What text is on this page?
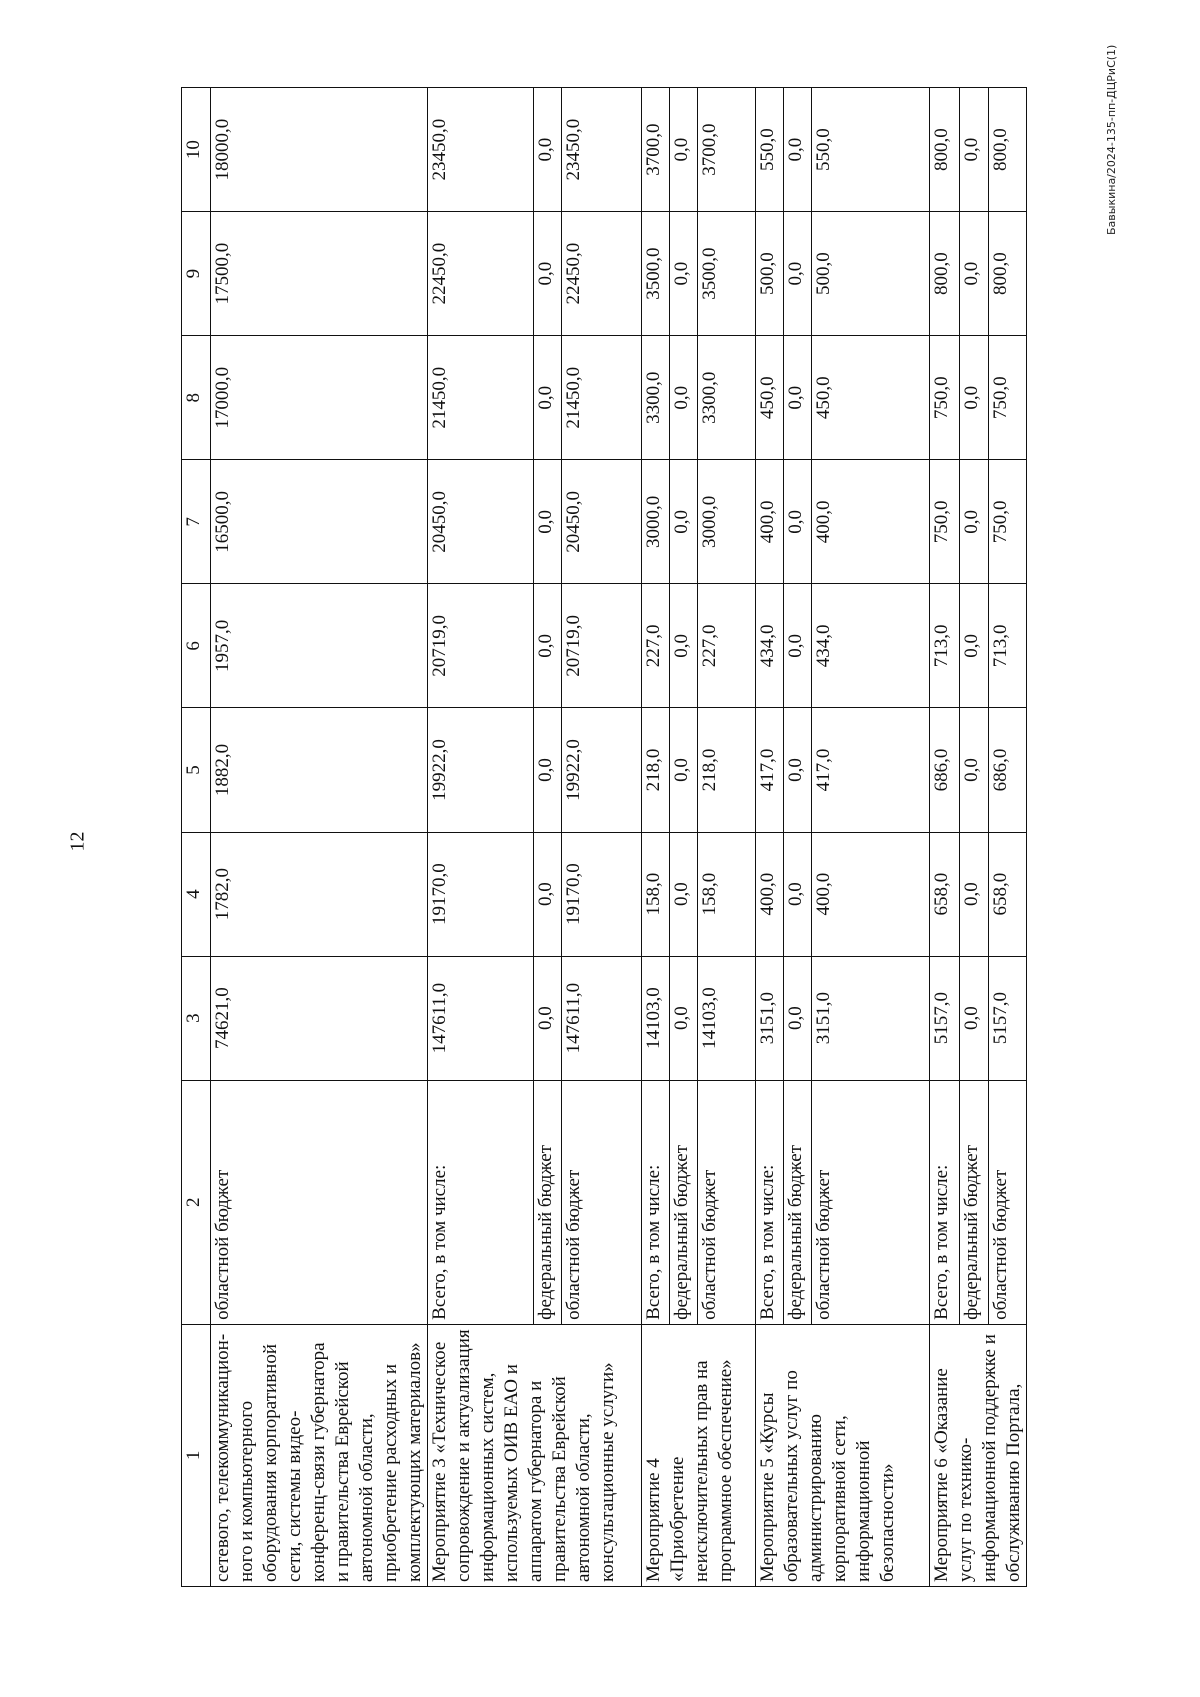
12
1	2	3	4	5	6	7	8	9	10
сетевого, телекоммуникацион-ного и компьютерного оборудования корпоративной сети, системы видео-конференц-связи губернатора и правительства Еврейской автономной области, приобретение расходных и комплектующих материалов»	областной бюджет	74621,0	1782,0	1882,0	1957,0	16500,0	17000,0	17500,0	18000,0
Мероприятие 3 «Техническое сопровождение и актуализация информационных систем, используемых ОИВ ЕАО и аппаратом губернатора и правительства Еврейской автономной области, консультационные услуги»	Всего, в том числе:	147611,0	19170,0	19922,0	20719,0	20450,0	21450,0	22450,0	23450,0
	федеральный бюджет	0,0	0,0	0,0	0,0	0,0	0,0	0,0	0,0
	областной бюджет	147611,0	19170,0	19922,0	20719,0	20450,0	21450,0	22450,0	23450,0
Мероприятие 4 «Приобретение неисключительных прав на программное обеспечение»	Всего, в том числе:	14103,0	158,0	218,0	227,0	3000,0	3300,0	3500,0	3700,0
	федеральный бюджет	0,0	0,0	0,0	0,0	0,0	0,0	0,0	0,0
	областной бюджет	14103,0	158,0	218,0	227,0	3000,0	3300,0	3500,0	3700,0
Мероприятие 5 «Курсы образовательных услуг по администрированию корпоративной сети, информационной безопасности»	Всего, в том числе:	3151,0	400,0	417,0	434,0	400,0	450,0	500,0	550,0
	федеральный бюджет	0,0	0,0	0,0	0,0	0,0	0,0	0,0	0,0
	областной бюджет	3151,0	400,0	417,0	434,0	400,0	450,0	500,0	550,0
Мероприятие 6 «Оказание услуг по технико-информационной поддержке и обслуживанию Портала,	Всего, в том числе:	5157,0	658,0	686,0	713,0	750,0	750,0	800,0	800,0
	федеральный бюджет	0,0	0,0	0,0	0,0	0,0	0,0	0,0	0,0
	областной бюджет	5157,0	658,0	686,0	713,0	750,0	750,0	800,0	800,0	Бавыкина/2024-135-пп-ДЦРиС(1)
